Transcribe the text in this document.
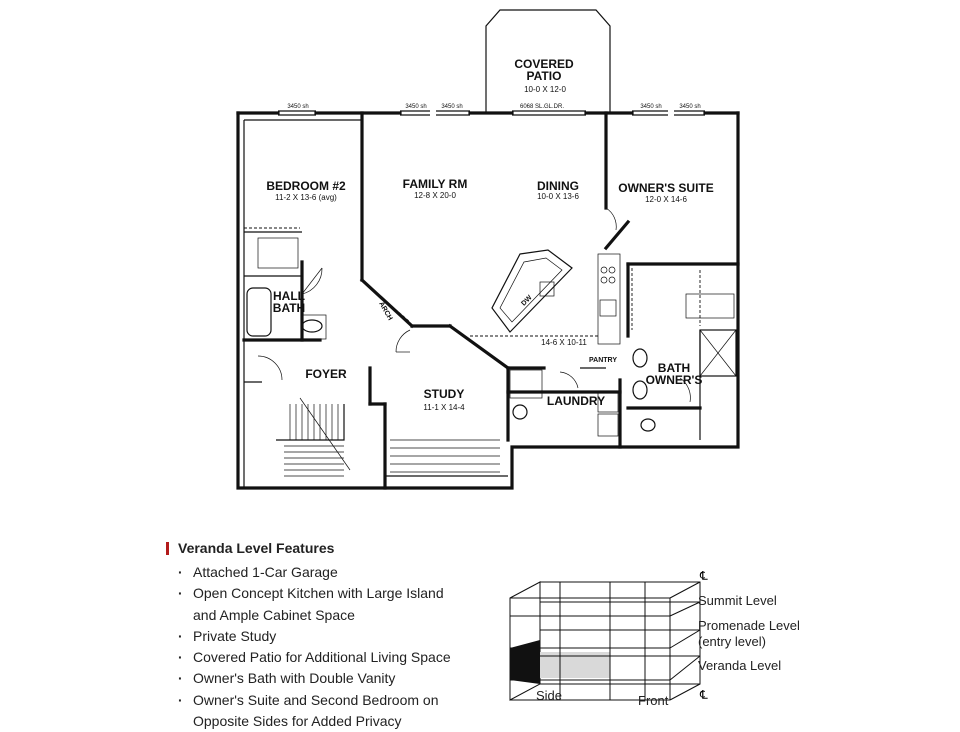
DW
3450 sh	3450 sh 3450 sh	6068 SL.GL.DR.	3450 sh	3450 sh
COVERED
PATIO
10-0 X 12-0
BEDROOM #2
11-2 X 13-6 (avg)
FAMILY RM
12-8 X 20-0
DINING
10-0 X 13-6
OWNER'S SUITE
12-0 X 14-6
HALL
BATH
FOYER
STUDY
11-1 X 14-4
14-6 X 10-11
LAUNDRY
PANTRY
BATH
OWNER'S
ARCH
Veranda Level Features
· Attached 1-Car Garage
· Open Concept Kitchen with Large Island
and Ample Cabinet Space
· Private Study
· Covered Patio for Additional Living Space
· Owner's Bath with Double Vanity
· Owner's Suite and Second Bedroom on
Opposite Sides for Added Privacy
℄
℄
Side	Front
Summit Level
Promenade Level
(entry level)
Veranda Level
